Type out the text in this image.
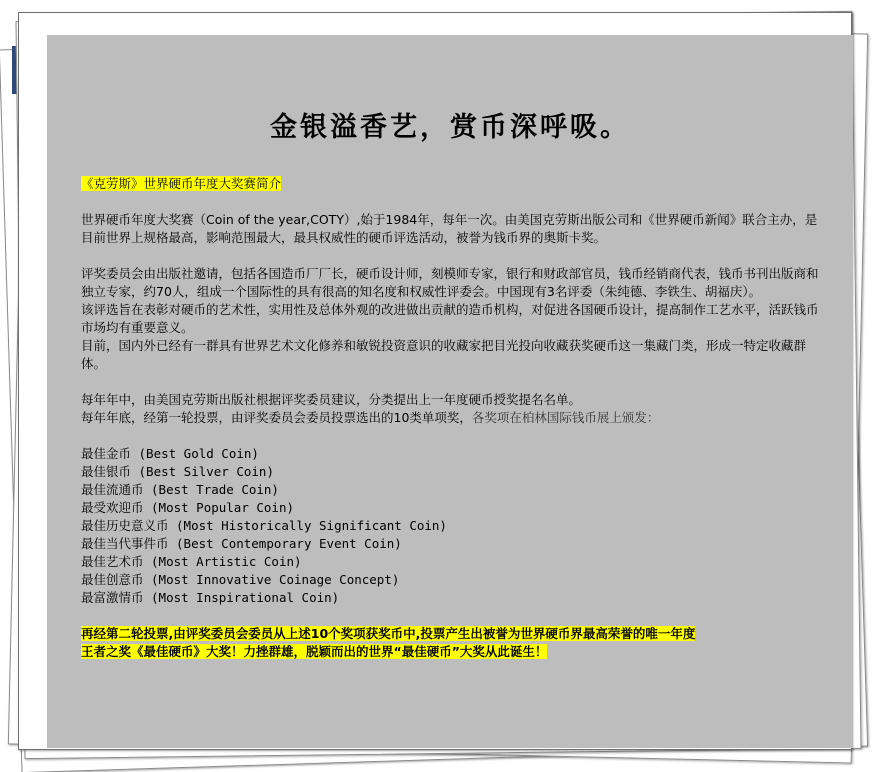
金银溢香艺，赏币深呼吸。

《克劳斯》世界硬币年度大奖赛简介

世界硬币年度大奖赛（Coin of the year,COTY）,始于1984年，每年一次。由美国克劳斯出版公司和《世界硬币新闻》联合主办，是目前世界上规格最高，影响范围最大，最具权威性的硬币评选活动，被誉为钱币界的奥斯卡奖。

评奖委员会由出版社邀请，包括各国造币厂厂长，硬币设计师，刻模师专家，银行和财政部官员，钱币经销商代表，钱币书刊出版商和独立专家，约70人，组成一个国际性的具有很高的知名度和权威性评委会。中国现有3名评委（朱纯德、李铁生、胡福庆）。

该评选旨在表彰对硬币的艺术性，实用性及总体外观的改进做出贡献的造币机构，对促进各国硬币设计，提高制作工艺水平，活跃钱币市场均有重要意义。

目前，国内外已经有一群具有世界艺术文化修养和敏锐投资意识的收藏家把目光投向收藏获奖硬币这一集藏门类，形成一特定收藏群体。

每年年中，由美国克劳斯出版社根据评奖委员建议，分类提出上一年度硬币授奖提名名单。

每年年底，经第一轮投票，由评奖委员会委员投票选出的10类单项奖，各奖项在柏林国际钱币展上颁发：

最佳金币 (Best Gold Coin)
最佳银币 (Best Silver Coin)
最佳流通币 (Best Trade Coin)
最受欢迎币 (Most Popular Coin)
最佳历史意义币 (Most Historically Significant Coin)
最佳当代事件币 (Best Contemporary Event Coin)
最佳艺术币 (Most Artistic Coin)
最佳创意币 (Most Innovative Coinage Concept)
最富激情币 (Most Inspirational Coin)

再经第二轮投票,由评奖委员会委员从上述10个奖项获奖币中,投票产生出被誉为世界硬币界最高荣誉的唯一年度
王者之奖《最佳硬币》大奖！力挫群雄，脱颖而出的世界“最佳硬币”大奖从此诞生！
